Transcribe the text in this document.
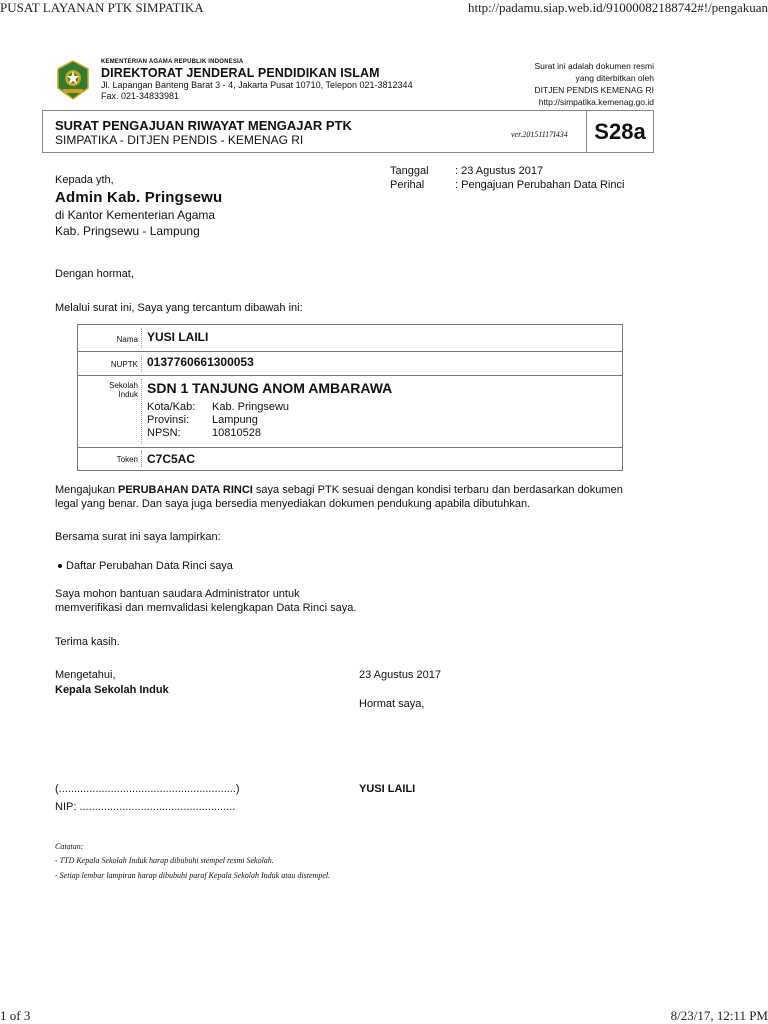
PUSAT LAYANAN PTK SIMPATIKA	http://padamu.siap.web.id/91000082188742#!/pengakuan
KEMENTERIAN AGAMA REPUBLIK INDONESIA
DIREKTORAT JENDERAL PENDIDIKAN ISLAM
Jl. Lapangan Banteng Barat 3 - 4, Jakarta Pusat 10710, Telepon 021-3812344
Fax. 021-34833981
Surat ini adalah dokumen resmi
yang diterbitkan oleh
DITJEN PENDIS KEMENAG RI
http://simpatika.kemenag.go.id
SURAT PENGAJUAN RIWAYAT MENGAJAR PTK
SIMPATIKA - DITJEN PENDIS - KEMENAG RI	ver.20151117I434	S28a
Tanggal : 23 Agustus 2017
Perihal	: Pengajuan Perubahan Data Rinci
Kepada yth,
Admin Kab. Pringsewu
di Kantor Kementerian Agama
Kab. Pringsewu - Lampung
Dengan hormat,
Melalui surat ini, Saya yang tercantum dibawah ini:
Nama YUSI LAILI
NUPTK 0137760661300053
Sekolah
Induk SDN 1 TANJUNG ANOM AMBARAWA
Kota/Kab: Kab. Pringsewu
Provinsi: Lampung
NPSN:	10810528
Token C7C5AC
Mengajukan PERUBAHAN DATA RINCI saya sebagi PTK sesuai dengan kondisi terbaru dan berdasarkan dokumen
legal yang benar. Dan saya juga bersedia menyediakan dokumen pendukung apabila dibutuhkan.
Bersama surat ini saya lampirkan:
Daftar Perubahan Data Rinci saya
Saya mohon bantuan saudara Administrator untuk
memverifikasi dan memvalidasi kelengkapan Data Rinci saya.
Terima kasih.
Mengetahui,
Kepala Sekolah Induk
23 Agustus 2017
Hormat saya,
(..........................................................)
NIP: ...................................................
YUSI LAILI
Catatan:
- TTD Kepala Sekolah Induk harap dibubuhi stempel resmi Sekolah.
- Setiap lembar lampiran harap dibubuhi paraf Kepala Sekolah Induk atau distempel.
1 of 3	8/23/17, 12:11 PM
